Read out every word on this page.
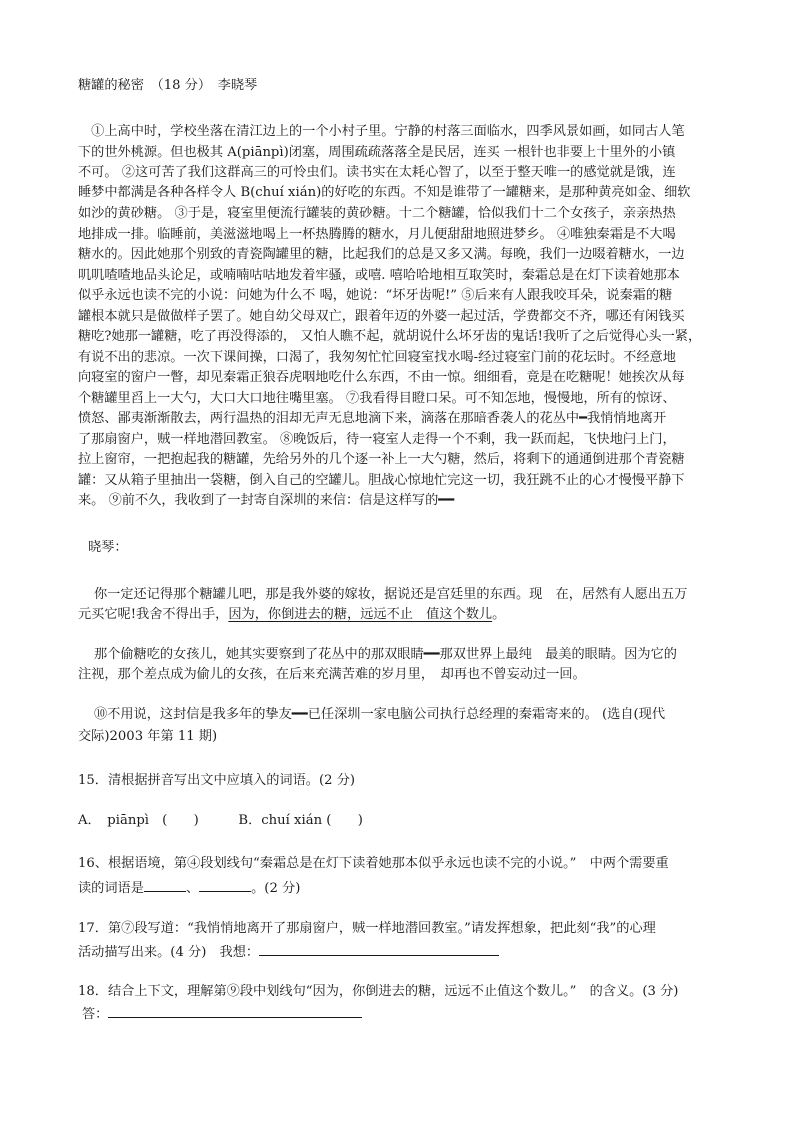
糖罐的秘密　（18 分）　李晓琴
　①上高中时，学校坐落在清江边上的一个小村子里。宁静的村落三面临水，四季风景如画，如同古人笔
下的世外桃源。但也极其 A(piānpì)闭塞，周围疏疏落落全是民居，连买 一根针也非要上十里外的小镇
不可。 ②这可苦了我们这群高三的可怜虫们。读书实在太耗心智了，以至于整天唯一的感觉就是饿，连
睡梦中都满是各种各样令人 B(chuí xián)的好吃的东西。不知是谁带了一罐糖来，是那种黄亮如金、细软
如沙的黄砂糖。 ③于是，寝室里便流行罐装的黄砂糖。十二个糖罐，恰似我们十二个女孩子，亲亲热热
地排成一排。临睡前，美滋滋地喝上一杯热腾腾的糖水，月儿便甜甜地照进梦乡。 ④唯独秦霜是不大喝
糖水的。因此她那个别致的青瓷陶罐里的糖，比起我们的总是又多又满。每晚，我们一边啜着糖水，一边
叽叽喳喳地品头论足，或喃喃咕咕地发着牢骚，或嘻. 嘻哈哈地相互取笑时，秦霜总是在灯下读着她那本
似乎永远也读不完的小说：问她为什么不 喝，她说：“坏牙齿呢!” ⑤后来有人跟我咬耳朵，说秦霜的糖
罐根本就只是做做样子罢了。她自幼父母双亡，跟着年迈的外婆一起过活，学费都交不齐，哪还有闲钱买
糖吃?她那一罐糖，吃了再没得添的， 又怕人瞧不起，就胡说什么坏牙齿的鬼话!我听了之后觉得心头一紧，
有说不出的悲凉。一次下课间操，口渴了，我匆匆忙忙回寝室找水喝-经过寝室门前的花坛时。不经意地
向寝室的窗户一瞥，却见秦霜正狼吞虎咽地吃什么东西，不由一惊。细细看，竟是在吃糖呢！她挨次从每
个糖罐里舀上一大勺，大口大口地往嘴里塞。 ⑦我看得目瞪口呆。可不知怎地，慢慢地，所有的惊讶、
愤怒、鄙夷渐渐散去，两行温热的泪却无声无息地滴下来，滴落在那暗香袭人的花丛中━我悄悄地离开
了那扇窗户，贼一样地潜回教室。 ⑧晚饭后，待一寝室人走得一个不剩，我一跃而起，飞快地闩上门，
拉上窗帘，一把抱起我的糖罐，先给另外的几个逐一补上一大勺糖，然后，将剩下的通通倒进那个青瓷糖
罐：又从箱子里抽出一袋糖，倒入自己的空罐儿。胆战心惊地忙完这一切，我狂跳不止的心才慢慢平静下
来。 ⑨前不久，我收到了一封寄自深圳的来信：信是这样写的━━
晓琴：
你一定还记得那个糖罐儿吧，那是我外婆的嫁妆，据说还是宫廷里的东西。现　在，居然有人愿出五万
元买它呢!我舍不得出手，因为，你倒进去的糖，远远不止　值这个数儿。
那个偷糖吃的女孩儿，她其实要察到了花丛中的那双眼睛━━那双世界上最纯　最美的眼睛。因为它的
注视，那个差点成为偷儿的女孩，在后来充满苦难的岁月里，　却再也不曾妄动过一回。
⑩不用说，这封信是我多年的挚友━━已任深圳一家电脑公司执行总经理的秦霜寄来的。 (选自(现代
交际)2003 年第 11 期)
15．清根据拼音写出文中应填入的词语。(2 分)
A．　piānpì　(　　)　　　B．chuí xián (　　)
16、根据语境，第④段划线句“秦霜总是在灯下读着她那本似乎永远也读不完的小说。”　中两个需要重
读的词语是	、	。(2 分)
17．第⑦段写道：“我悄悄地离开了那扇窗户，贼一样地潜回教室。”请发挥想象，把此刻“我”的心理
活动描写出来。(4 分)　我想：
18．结合上下文，理解第⑨段中划线句“因为，你倒进去的糖，远远不止值这个数儿。”　的含义。(3 分)
答：
